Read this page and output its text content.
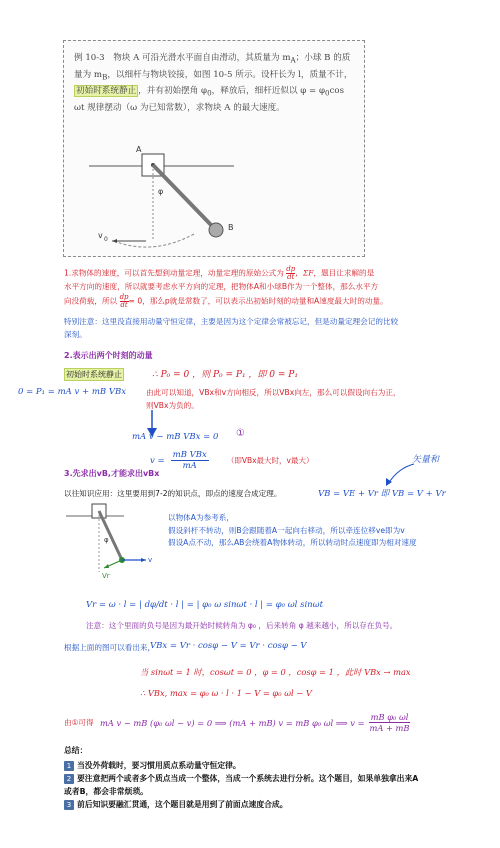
例 10-3　物块 A 可沿光滑水平面自由滑动，其质量为 $m_A$；小球 B 的质量为 $m_B$，以细杆与物块铰接，如图 10-5 所示。设杆长为 l，质量不计，初始时系统静止 ，并有初始摆角 $\varphi_0$，释放后，细杆近似以 $\varphi = \varphi_0\cos$ ωt 规律摆动（ω 为已知常数），求物块 A 的最大速度。
A
B
φ
v 0
1.求物体的速度，可以首先想到动量定理，动量定理的原始公式为 $\frac{dp}{dt}$ ，ΣF，题目让求解的是
水平方向的速度，所以就要考虑水平方向的定理，把物体A和小球B作为一个整体，那么水平方
向没荷载，所以 $\frac{dp}{dt} = 0$，那么p就是常数了，可以表示出初始时刻的动量和A速度最大时的动量。
特别注意：这里没直接用动量守恒定律，主要是因为这个定律会常被忘记，但是动量定理会记的比较
深刻。
2.表示出两个时刻的动量
初始时系统静止	∴ P₀ = 0 ，则 P₀ = P₁ ，即 0 = P₁
0 = P₁ = mA v + mB VBx	由此可以知道，VBx和v方向相反，所以VBx向左，那么可以假设向右为正，
则VBx为负的。
mA v − mB VBx = 0 ①
v =
mB VBx
mA
（即VBx最大时，v最大）
3.先求出vB,才能求出vBx
矢量和
以往知识应用：这里要用到7-2的知识点，即点的速度合成定理。	VB = VE + Vr 即 VB = V + Vr
v
Vr
φ
以物体A为参考系，
假设斜杆不转动，则B会跟随着A一起向右移动，所以牵连位移ve即为v
假设A点不动，那么AB会绕着A物体转动，所以转动时点速度即为相对速度
Vr = ω · l = | dφ/dt · l | = | φ₀ ω sinωt · l | = φ₀ ωl sinωt
注意：这个里面的负号是因为最开始时候转角为 φ₀ ，后来转角 φ 越来越小，所以存在负号。
根据上面的图可以看出来，
VBx = Vr · cosφ − V = Vr · cosφ − V
当 sinωt = 1 时，cosωt = 0 ，φ = 0 ，cosφ = 1 ，此时 VBx → max
∴ VBx, max = φ₀ ω · l · 1 − V = φ₀ ωl − V
由①可得 mA v − mB (φ₀ ωl − v) = 0 ⟹ (mA + mB) v = mB φ₀ ωl ⟹ $v = \frac{\text{mB φ₀ ωl}}{mA + mB}$
总结：
1 当没外荷载时，要习惯用质点系动量守恒定律。
2 要注意把两个或者多个质点当成一个整体，当成一个系统去进行分析。这个题目，如果单独拿出来A
或者B，都会非常烦琐。
3 前后知识要融汇贯通，这个题目就是用到了前面点速度合成。
